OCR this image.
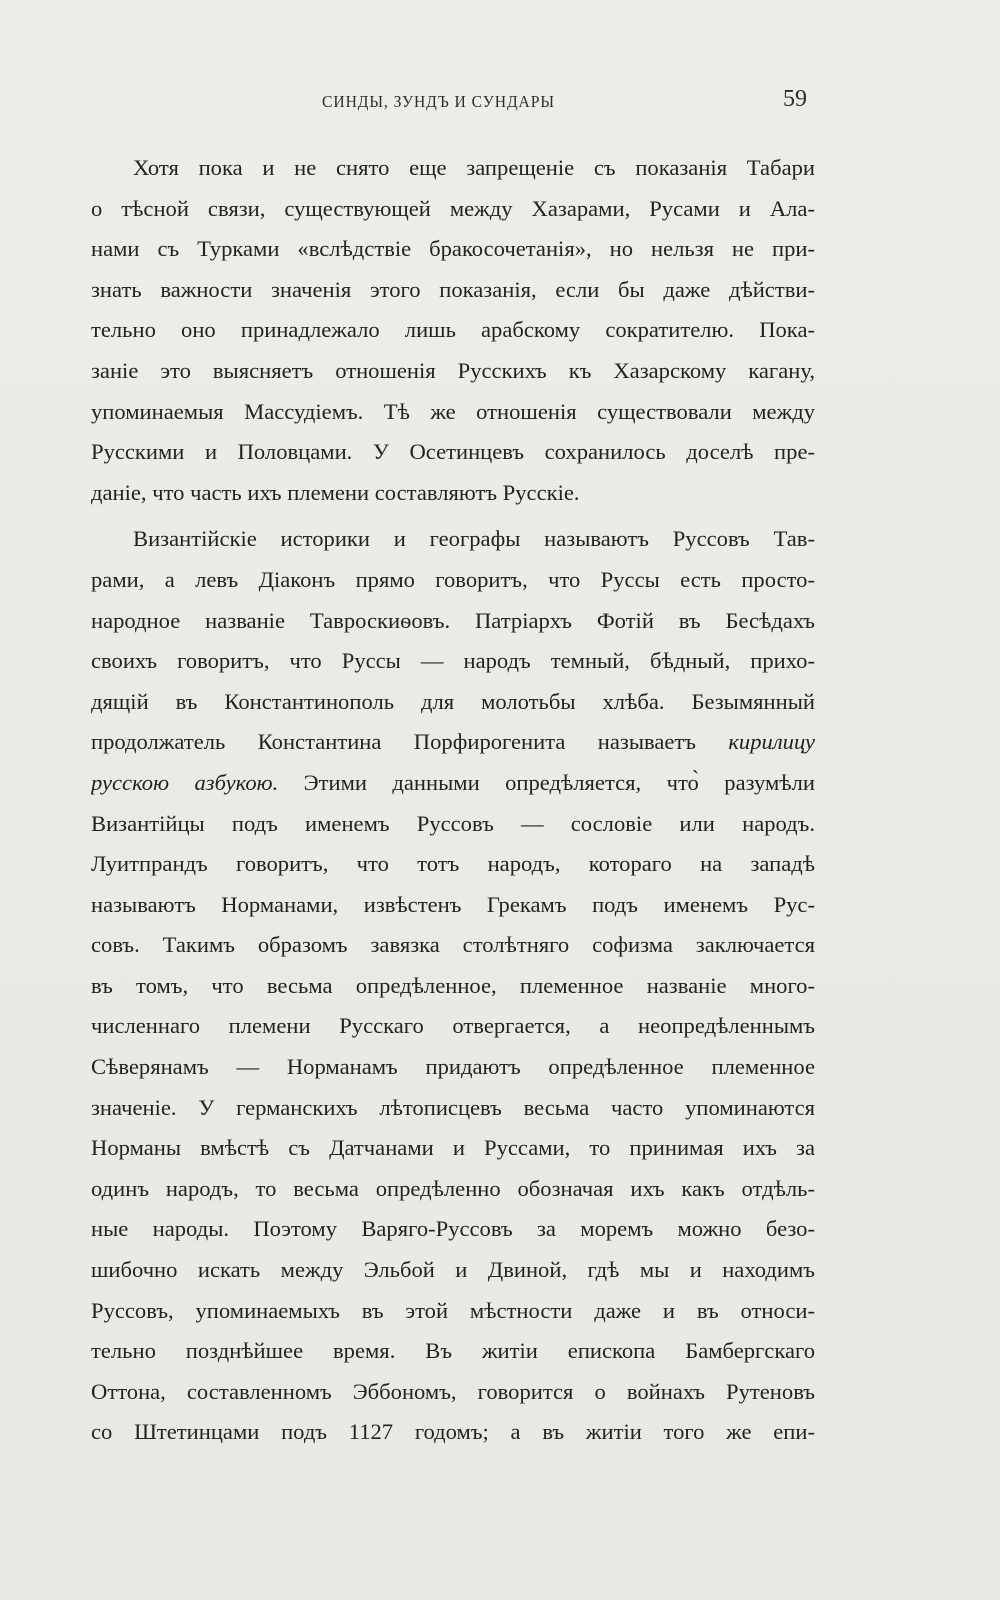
СИНДЫ, ЗУНДЪ И СУНДАРЫ	59
Хотя пока и не снято еще запрещеніе съ показанія Табари
о тѣсной связи, существующей между Хазарами, Русами и Ала-
нами съ Турками «вслѣдствіе бракосочетанія», но нельзя не при-
знать важности значенія этого показанія, если бы даже дѣйстви-
тельно оно принадлежало лишь арабскому сократителю. Пока-
заніе это выясняетъ отношенія Русскихъ къ Хазарскому кагану,
упоминаемыя Массудіемъ. Тѣ же отношенія существовали между
Русскими и Половцами. У Осетинцевъ сохранилось доселѣ пре-
даніе, что часть ихъ племени составляютъ Русскіе.
Византійскіе историки и географы называютъ Руссовъ Тав-
рами, а левъ Діаконъ прямо говоритъ, что Руссы есть просто-
народное названіе Тавроскиѳовъ. Патріархъ Фотій въ Бесѣдахъ
своихъ говоритъ, что Руссы — народъ темный, бѣдный, прихо-
дящій въ Константинополь для молотьбы хлѣба. Безымянный
продолжатель Константина Порфирогенита называетъ кирилицу
русскою азбукою. Этими данными опредѣляется, что̀ разумѣли
Византійцы подъ именемъ Руссовъ — сословіе или народъ.
Луитпрандъ говоритъ, что тотъ народъ, котораго на западѣ
называютъ Норманами, извѣстенъ Грекамъ подъ именемъ Рус-
совъ. Такимъ образомъ завязка столѣтняго софизма заключается
въ томъ, что весьма опредѣленное, племенное названіе много-
численнаго племени Русскаго отвергается, а неопредѣленнымъ
Сѣверянамъ — Норманамъ придаютъ опредѣленное племенное
значеніе. У германскихъ лѣтописцевъ весьма часто упоминаются
Норманы вмѣстѣ съ Датчанами и Руссами, то принимая ихъ за
одинъ народъ, то весьма опредѣленно обозначая ихъ какъ отдѣль-
ные народы. Поэтому Варяго-Руссовъ за моремъ можно безо-
шибочно искать между Эльбой и Двиной, гдѣ мы и находимъ
Руссовъ, упоминаемыхъ въ этой мѣстности даже и въ относи-
тельно позднѣйшее время. Въ житіи епископа Бамбергскаго
Оттона, составленномъ Эббономъ, говорится о войнахъ Рутеновъ
со Штетинцами подъ 1127 годомъ; а въ житіи того же епи-
